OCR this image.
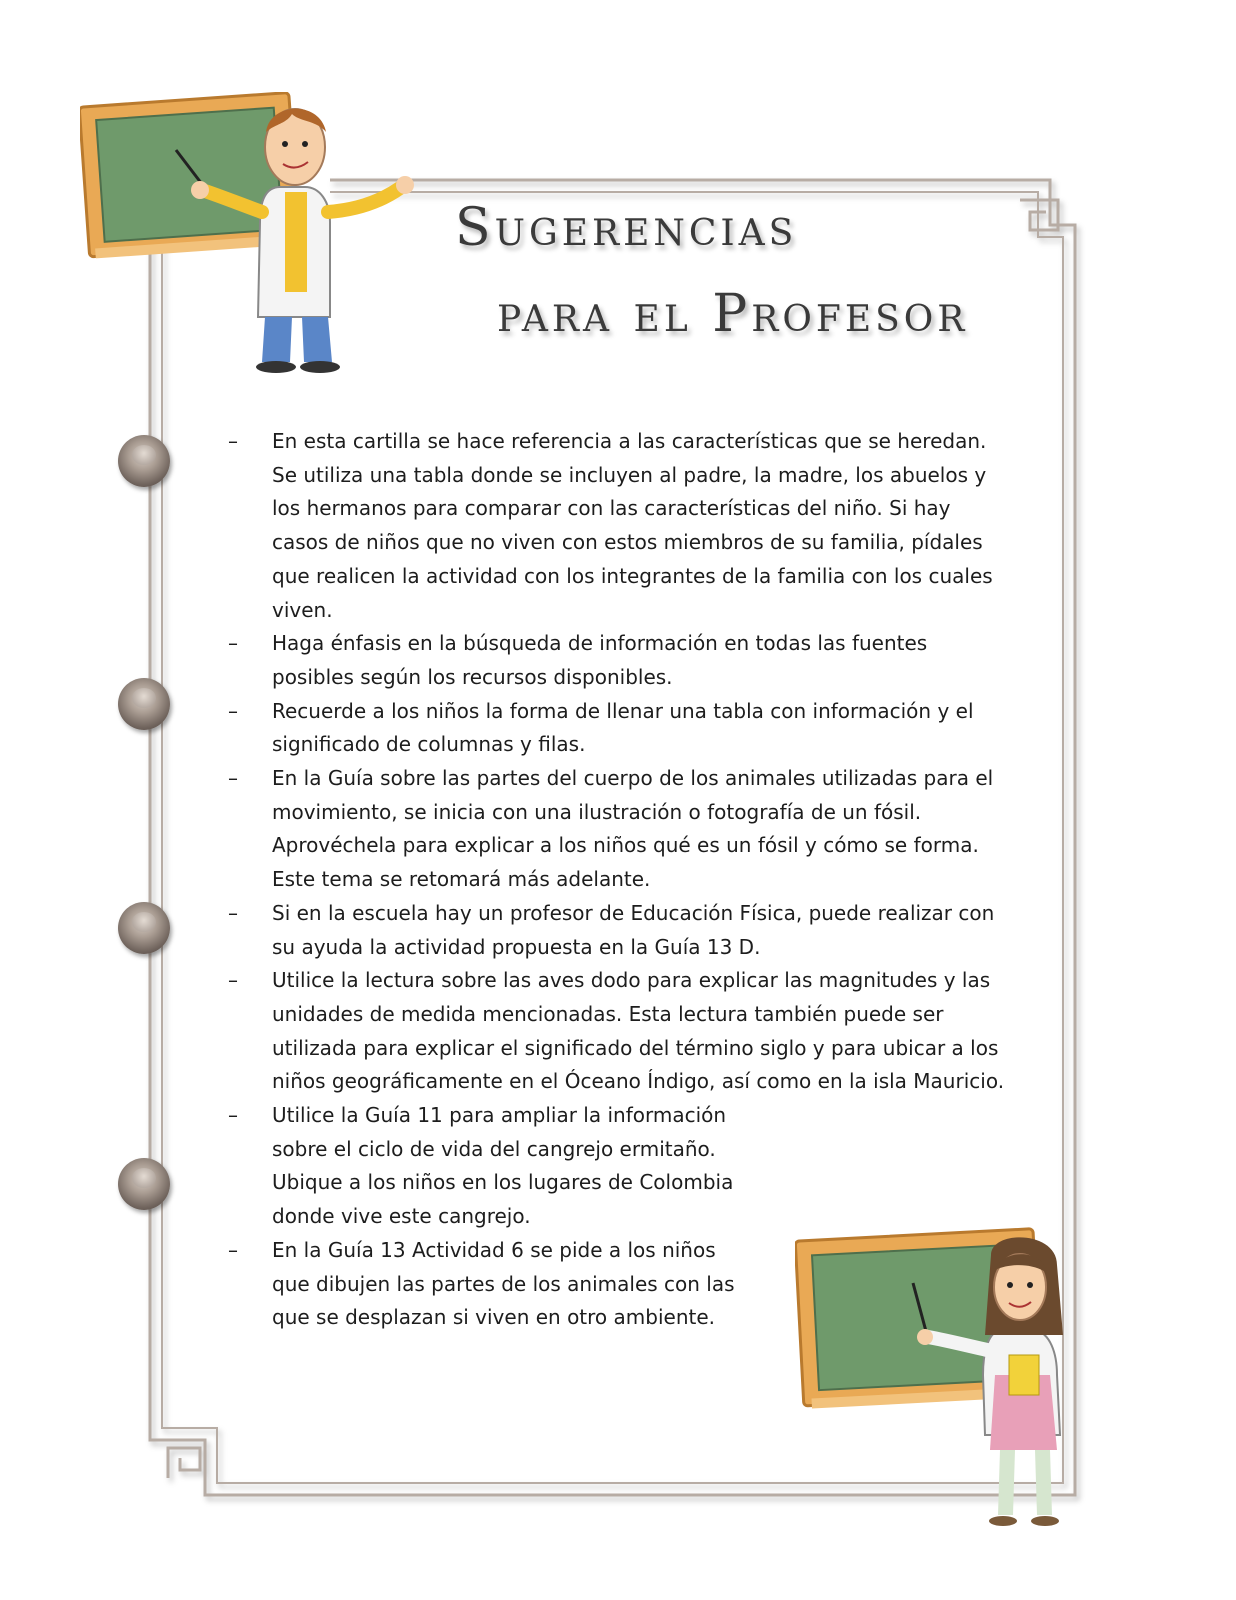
Sugerencias
para el Profesor
–	En esta cartilla se hace referencia a las características que se heredan. Se utiliza una tabla donde se incluyen al padre, la madre, los abuelos y los hermanos para comparar con las características del niño. Si hay casos de niños que no viven con estos miembros de su familia, pídales que realicen la actividad con los integrantes de la familia con los cuales viven.
–	Haga énfasis en la búsqueda de información en todas las fuentes posibles según los recursos disponibles.
–	Recuerde a los niños la forma de llenar una tabla con información y el significado de columnas y filas.
–	En la Guía sobre las partes del cuerpo de los animales utilizadas para el movimiento, se inicia con una ilustración o fotografía de un fósil. Aprovéchela para explicar a los niños qué es un fósil y cómo se forma. Este tema se retomará más adelante.
–	Si en la escuela hay un profesor de Educación Física, puede realizar con su ayuda la actividad propuesta en la Guía 13 D.
–	Utilice la lectura sobre las aves dodo para explicar las magnitudes y las unidades de medida mencionadas. Esta lectura también puede ser utilizada para explicar el significado del término siglo y para ubicar a los niños geográficamente en el Óceano Índigo, así como en la isla Mauricio.
–	Utilice la Guía 11 para ampliar la información sobre el ciclo de vida del cangrejo ermitaño. Ubique a los niños en los lugares de Colombia donde vive este cangrejo.
–	En la Guía 13 Actividad 6 se pide a los niños que dibujen las partes de los animales con las que se desplazan si viven en otro ambiente.
